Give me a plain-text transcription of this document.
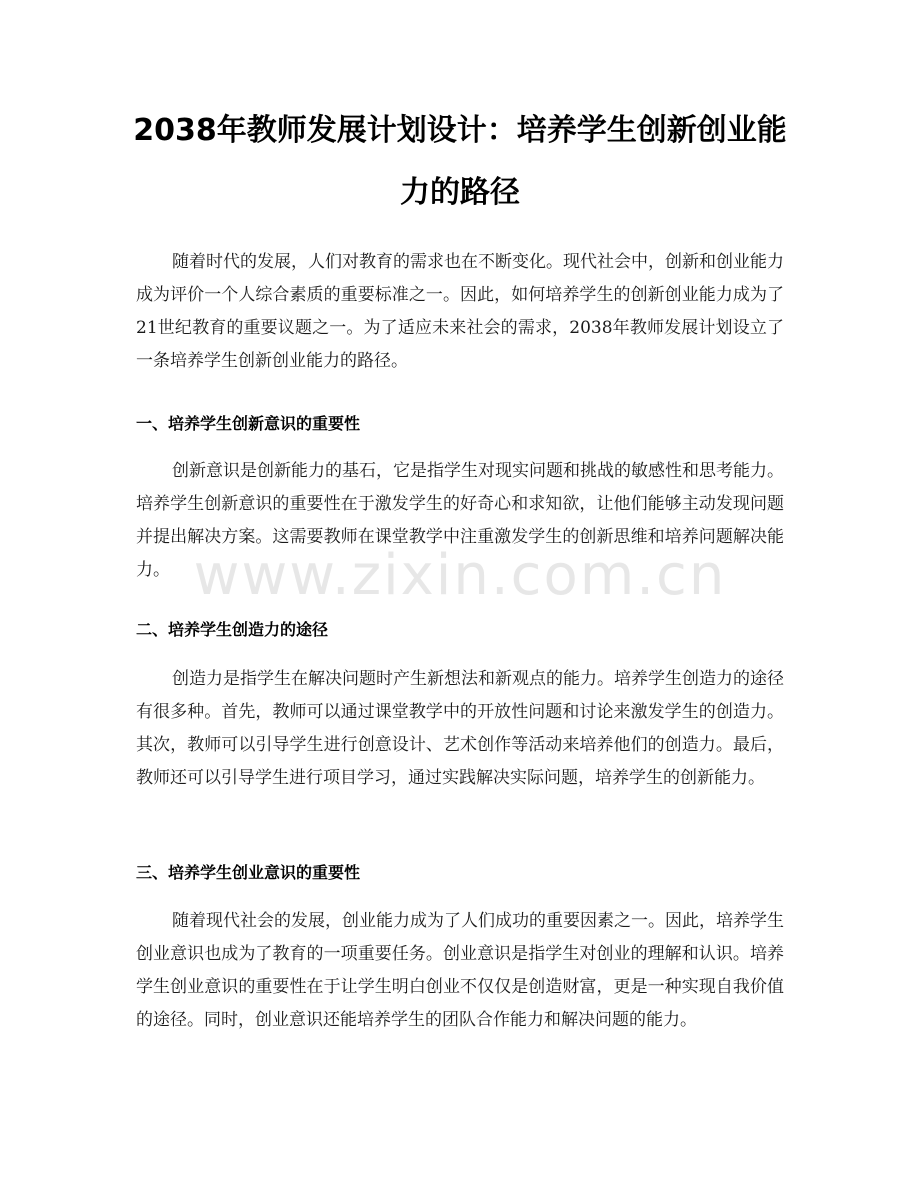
2038年教师发展计划设计：培养学生创新创业能力的路径

随着时代的发展，人们对教育的需求也在不断变化。现代社会中，创新和创业能力成为评价一个人综合素质的重要标准之一。因此，如何培养学生的创新创业能力成为了21世纪教育的重要议题之一。为了适应未来社会的需求，2038年教师发展计划设立了一条培养学生创新创业能力的路径。

一、培养学生创新意识的重要性

创新意识是创新能力的基石，它是指学生对现实问题和挑战的敏感性和思考能力。培养学生创新意识的重要性在于激发学生的好奇心和求知欲，让他们能够主动发现问题并提出解决方案。这需要教师在课堂教学中注重激发学生的创新思维和培养问题解决能力。

二、培养学生创造力的途径

创造力是指学生在解决问题时产生新想法和新观点的能力。培养学生创造力的途径有很多种。首先，教师可以通过课堂教学中的开放性问题和讨论来激发学生的创造力。其次，教师可以引导学生进行创意设计、艺术创作等活动来培养他们的创造力。最后，教师还可以引导学生进行项目学习，通过实践解决实际问题，培养学生的创新能力。

三、培养学生创业意识的重要性

随着现代社会的发展，创业能力成为了人们成功的重要因素之一。因此，培养学生创业意识也成为了教育的一项重要任务。创业意识是指学生对创业的理解和认识。培养学生创业意识的重要性在于让学生明白创业不仅仅是创造财富，更是一种实现自我价值的途径。同时，创业意识还能培养学生的团队合作能力和解决问题的能力。

www.zixin.com.cn
